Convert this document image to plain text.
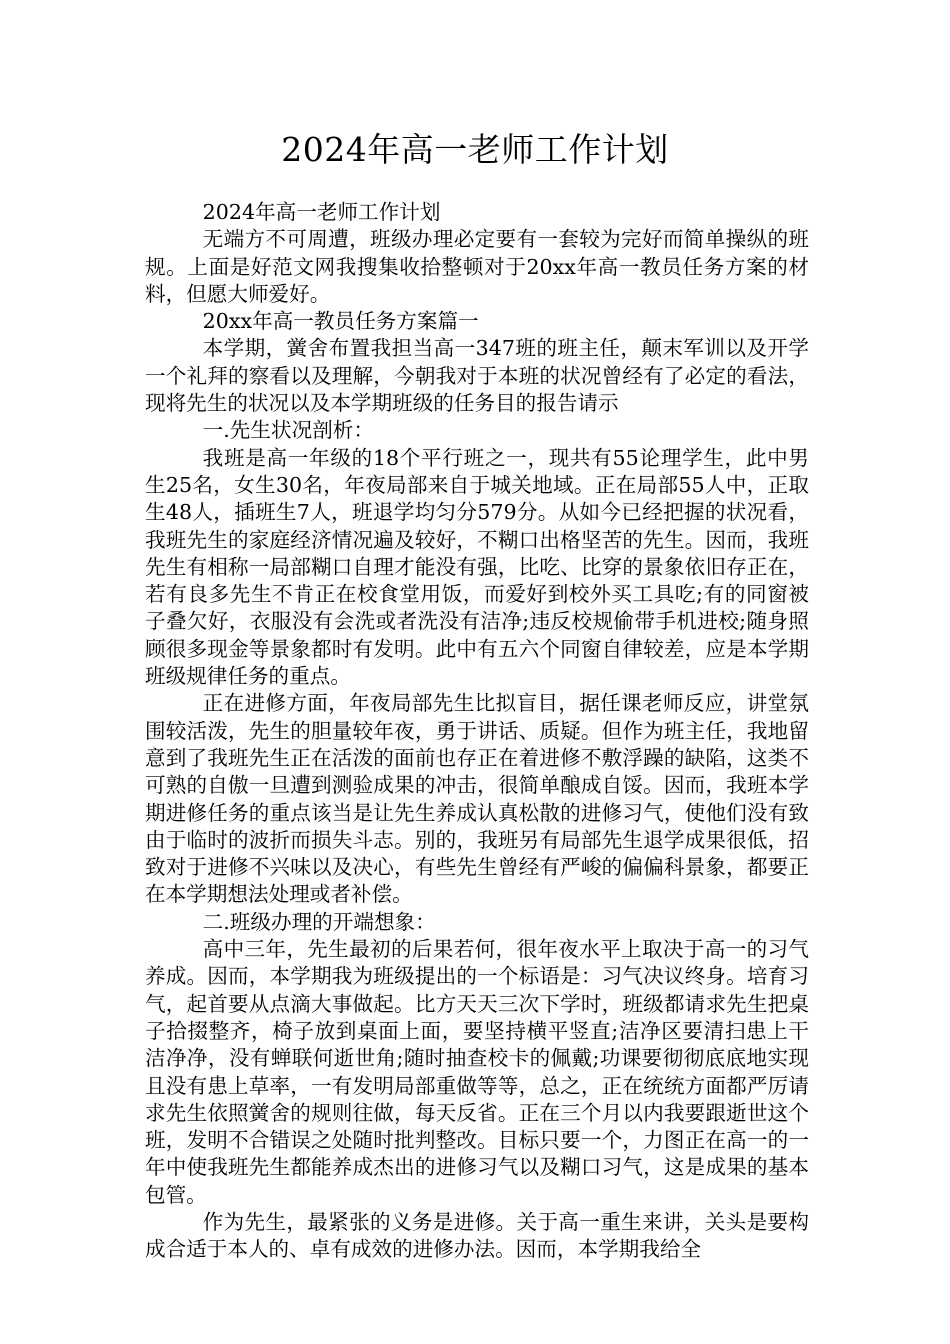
2024年高一老师工作计划

2024年高一老师工作计划

无端方不可周遭，班级办理必定要有一套较为完好而简单操纵的班规。上面是好范文网我搜集收拾整顿对于20xx年高一教员任务方案的材料，但愿大师爱好。

20xx年高一教员任务方案篇一

本学期，黉舍布置我担当高一347班的班主任，颠末军训以及开学一个礼拜的察看以及理解，今朝我对于本班的状况曾经有了必定的看法，现将先生的状况以及本学期班级的任务目的报告请示

一.先生状况剖析：

我班是高一年级的18个平行班之一，现共有55论理学生，此中男生25名，女生30名，年夜局部来自于城关地域。正在局部55人中，正取生48人，插班生7人，班退学均匀分579分。从如今已经把握的状况看，我班先生的家庭经济情况遍及较好，不糊口出格坚苦的先生。因而，我班先生有相称一局部糊口自理才能没有强，比吃、比穿的景象依旧存正在，若有良多先生不肯正在校食堂用饭，而爱好到校外买工具吃;有的同窗被子叠欠好，衣服没有会洗或者洗没有洁净;违反校规偷带手机进校;随身照顾很多现金等景象都时有发明。此中有五六个同窗自律较差，应是本学期班级规律任务的重点。

正在进修方面，年夜局部先生比拟盲目，据任课老师反应，讲堂氛围较活泼，先生的胆量较年夜，勇于讲话、质疑。但作为班主任，我地留意到了我班先生正在活泼的面前也存正在着进修不敷浮躁的缺陷，这类不可熟的自傲一旦遭到测验成果的冲击，很简单酿成自馁。因而，我班本学期进修任务的重点该当是让先生养成认真松散的进修习气，使他们没有致由于临时的波折而损失斗志。别的，我班另有局部先生退学成果很低，招致对于进修不兴味以及决心，有些先生曾经有严峻的偏偏科景象，都要正在本学期想法处理或者补偿。

二.班级办理的开端想象：

高中三年，先生最初的后果若何，很年夜水平上取决于高一的习气养成。因而，本学期我为班级提出的一个标语是：习气决议终身。培育习气，起首要从点滴大事做起。比方天天三次下学时，班级都请求先生把桌子拾掇整齐，椅子放到桌面上面，要坚持横平竖直;洁净区要清扫患上干洁净净，没有蝉联何逝世角;随时抽查校卡的佩戴;功课要彻彻底底地实现且没有患上草率，一有发明局部重做等等，总之，正在统统方面都严厉请求先生依照黉舍的规则往做，每天反省。正在三个月以内我要跟逝世这个班，发明不合错误之处随时批判整改。目标只要一个，力图正在高一的一年中使我班先生都能养成杰出的进修习气以及糊口习气，这是成果的基本包管。

作为先生，最紧张的义务是进修。关于高一重生来讲，关头是要构成合适于本人的、卓有成效的进修办法。因而，本学期我给全
